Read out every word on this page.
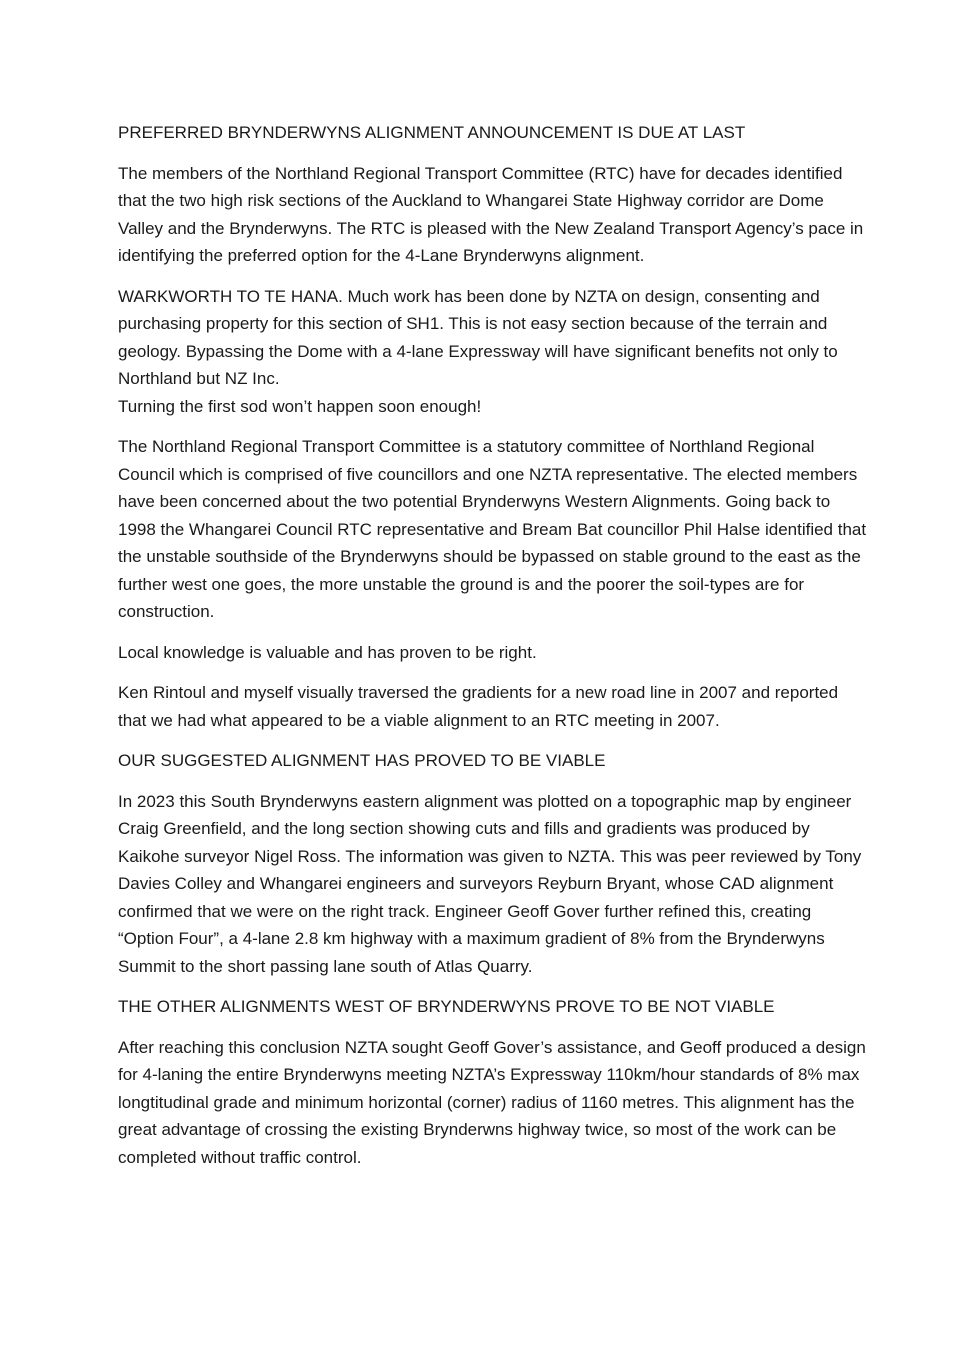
PREFERRED BRYNDERWYNS ALIGNMENT ANNOUNCEMENT IS DUE AT LAST

The members of the Northland Regional Transport Committee (RTC) have for decades identified that the two high risk sections of the Auckland to Whangarei State Highway corridor are Dome Valley and the Brynderwyns. The RTC is pleased with the New Zealand Transport Agency’s pace in identifying the preferred option for the 4-Lane Brynderwyns alignment.

WARKWORTH TO TE HANA. Much work has been done by NZTA on design, consenting and purchasing property for this section of SH1. This is not easy section because of the terrain and geology. Bypassing the Dome with a 4-lane Expressway will have significant benefits not only to Northland but NZ Inc.

Turning the first sod won’t happen soon enough!

The Northland Regional Transport Committee is a statutory committee of Northland Regional Council which is comprised of five councillors and one NZTA representative. The elected members have been concerned about the two potential Brynderwyns Western Alignments. Going back to 1998 the Whangarei Council RTC representative and Bream Bat councillor Phil Halse identified that the unstable southside of the Brynderwyns should be bypassed on stable ground to the east as the further west one goes, the more unstable the ground is and the poorer the soil-types are for construction.

Local knowledge is valuable and has proven to be right.

Ken Rintoul and myself visually traversed the gradients for a new road line in 2007 and reported that we had what appeared to be a viable alignment to an RTC meeting in 2007.

OUR SUGGESTED ALIGNMENT HAS PROVED TO BE VIABLE

In 2023 this South Brynderwyns eastern alignment was plotted on a topographic map by engineer Craig Greenfield, and the long section showing cuts and fills and gradients was produced by Kaikohe surveyor Nigel Ross. The information was given to NZTA. This was peer reviewed by Tony Davies Colley and Whangarei engineers and surveyors Reyburn Bryant, whose CAD alignment confirmed that we were on the right track. Engineer Geoff Gover further refined this, creating “Option Four”, a 4-lane 2.8 km highway with a maximum gradient of 8% from the Brynderwyns Summit to the short passing lane south of Atlas Quarry.

THE OTHER ALIGNMENTS WEST OF BRYNDERWYNS PROVE TO BE NOT VIABLE

After reaching this conclusion NZTA sought Geoff Gover’s assistance, and Geoff produced a design for 4-laning the entire Brynderwyns meeting NZTA’s Expressway 110km/hour standards of 8% max longtitudinal grade and minimum horizontal (corner) radius of 1160 metres. This alignment has the great advantage of crossing the existing Brynderwns highway twice, so most of the work can be completed without traffic control.
